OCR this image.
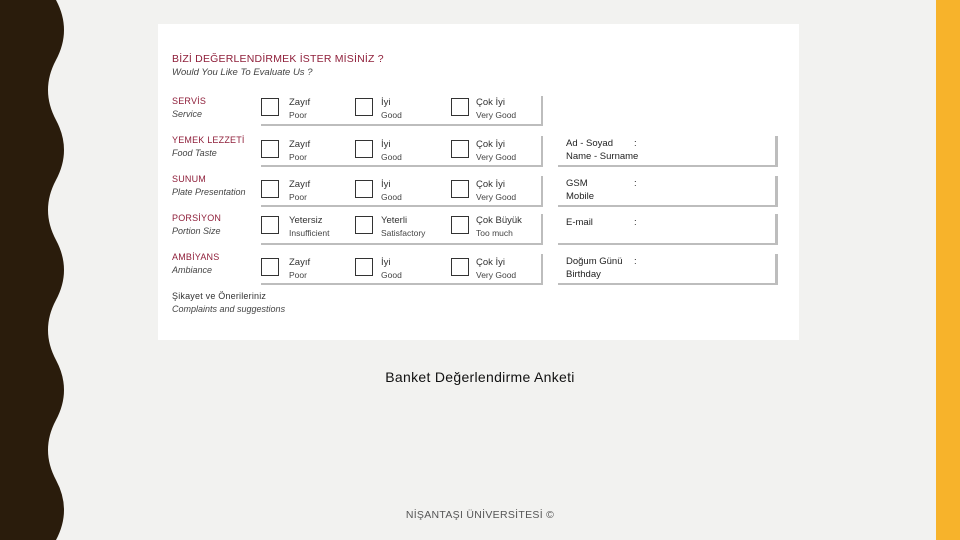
BİZİ DEĞERLENDİRMEK İSTER MİSİNİZ ?
Would You Like To Evaluate Us ?
SERVİS
Service
Zayıf
Poor
İyi
Good
Çok İyi
Very Good
YEMEK LEZZETİ
Food Taste
Zayıf
Poor
İyi
Good
Çok İyi
Very Good
SUNUM
Plate Presentation
Zayıf
Poor
İyi
Good
Çok İyi
Very Good
PORSİYON
Portion Size
Yetersiz
Insufficient
Yeterli
Satisfactory
Çok Büyük
Too much
AMBİYANS
Ambiance
Zayıf
Poor
İyi
Good
Çok İyi
Very Good
Ad - Soyad
Name - Surname
:
GSM
Mobile
:
E-mail	:
Doğum Günü
Birthday
:
Şikayet ve Önerileriniz
Complaints and suggestions
Banket Değerlendirme Anketi
NİŞANTAŞI ÜNİVERSİTESİ ©
